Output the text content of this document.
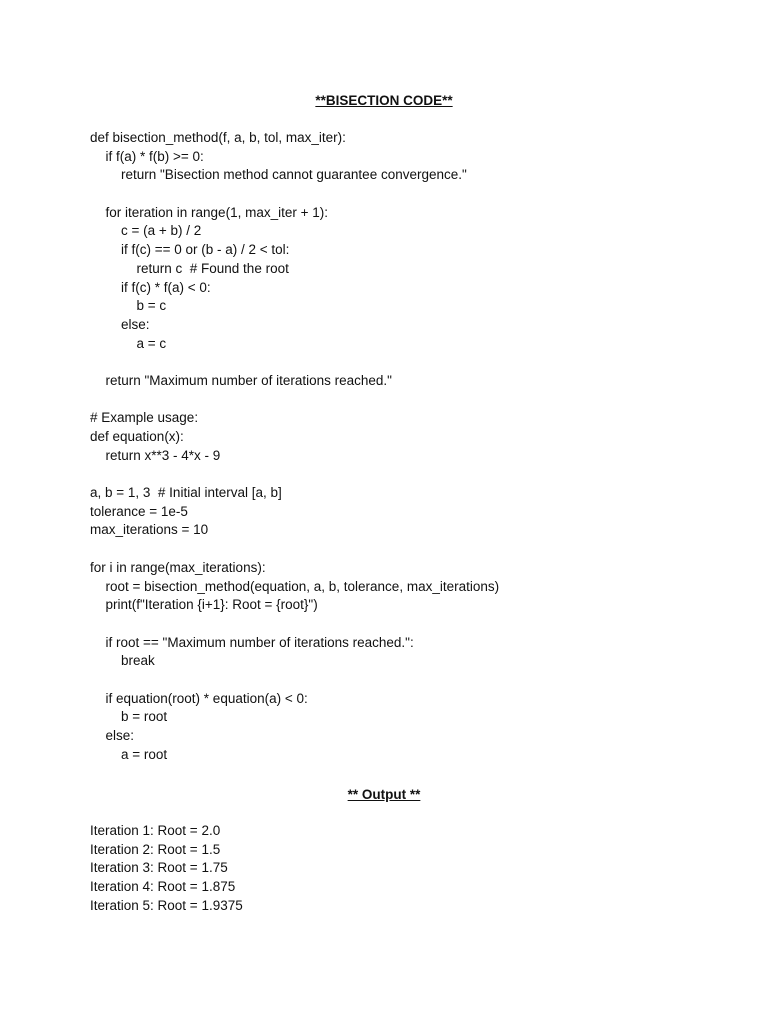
**BISECTION CODE**
def bisection_method(f, a, b, tol, max_iter):
if f(a) * f(b) >= 0:
return "Bisection method cannot guarantee convergence."
for iteration in range(1, max_iter + 1):
c = (a + b) / 2
if f(c) == 0 or (b - a) / 2 < tol:
return c  # Found the root
if f(c) * f(a) < 0:
b = c
else:
a = c
return "Maximum number of iterations reached."
# Example usage:
def equation(x):
return x**3 - 4*x - 9
a, b = 1, 3  # Initial interval [a, b]
tolerance = 1e-5
max_iterations = 10
for i in range(max_iterations):
root = bisection_method(equation, a, b, tolerance, max_iterations)
print(f"Iteration {i+1}: Root = {root}")
if root == "Maximum number of iterations reached.":
break
if equation(root) * equation(a) < 0:
b = root
else:
a = root
** Output **
Iteration 1: Root = 2.0
Iteration 2: Root = 1.5
Iteration 3: Root = 1.75
Iteration 4: Root = 1.875
Iteration 5: Root = 1.9375
